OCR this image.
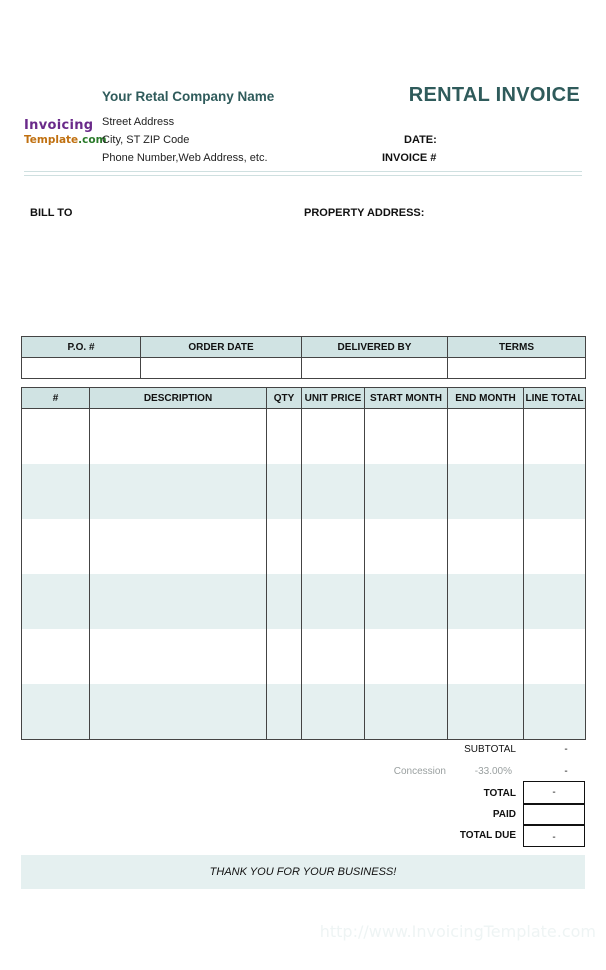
Your Retal Company Name	RENTAL INVOICE
Invoicing
Template.com
Street Address
City, ST ZIP Code
Phone Number,Web Address, etc.
DATE:
INVOICE #
BILL TO	PROPERTY ADDRESS:
P.O. #	ORDER DATE	DELIVERED BY	TERMS

#	DESCRIPTION	QTY	UNIT PRICE	START MONTH	END MONTH	LINE TOTAL

SUBTOTAL	-
Concession	-33.00%	-
TOTAL	-
PAID
TOTAL DUE	-
THANK YOU FOR YOUR BUSINESS!
http://www.InvoicingTemplate.com
